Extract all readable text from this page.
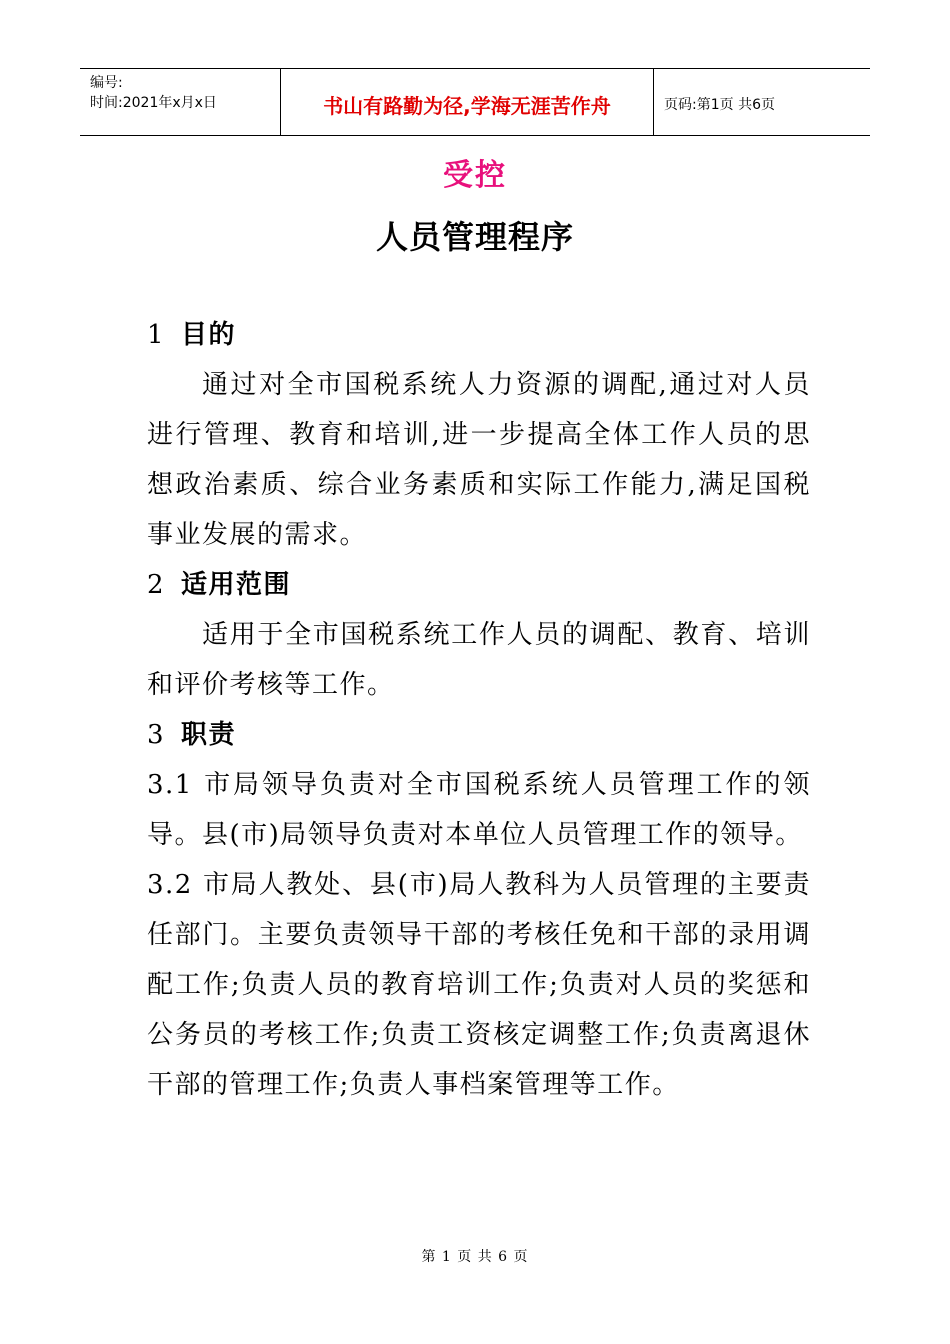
编号:
时间:2021年x月x日	书山有路勤为径,学海无涯苦作舟	页码:第1页 共6页
受控
人员管理程序
1 目的
通过对全市国税系统人力资源的调配,通过对人员进行管理、教育和培训,进一步提高全体工作人员的思想政治素质、综合业务素质和实际工作能力,满足国税事业发展的需求。
2 适用范围
适用于全市国税系统工作人员的调配、教育、培训和评价考核等工作。
3 职责
3.1 市局领导负责对全市国税系统人员管理工作的领导。县(市)局领导负责对本单位人员管理工作的领导。
3.2 市局人教处、县(市)局人教科为人员管理的主要责任部门。主要负责领导干部的考核任免和干部的录用调配工作;负责人员的教育培训工作;负责对人员的奖惩和公务员的考核工作;负责工资核定调整工作;负责离退休干部的管理工作;负责人事档案管理等工作。
第 1 页 共 6 页
